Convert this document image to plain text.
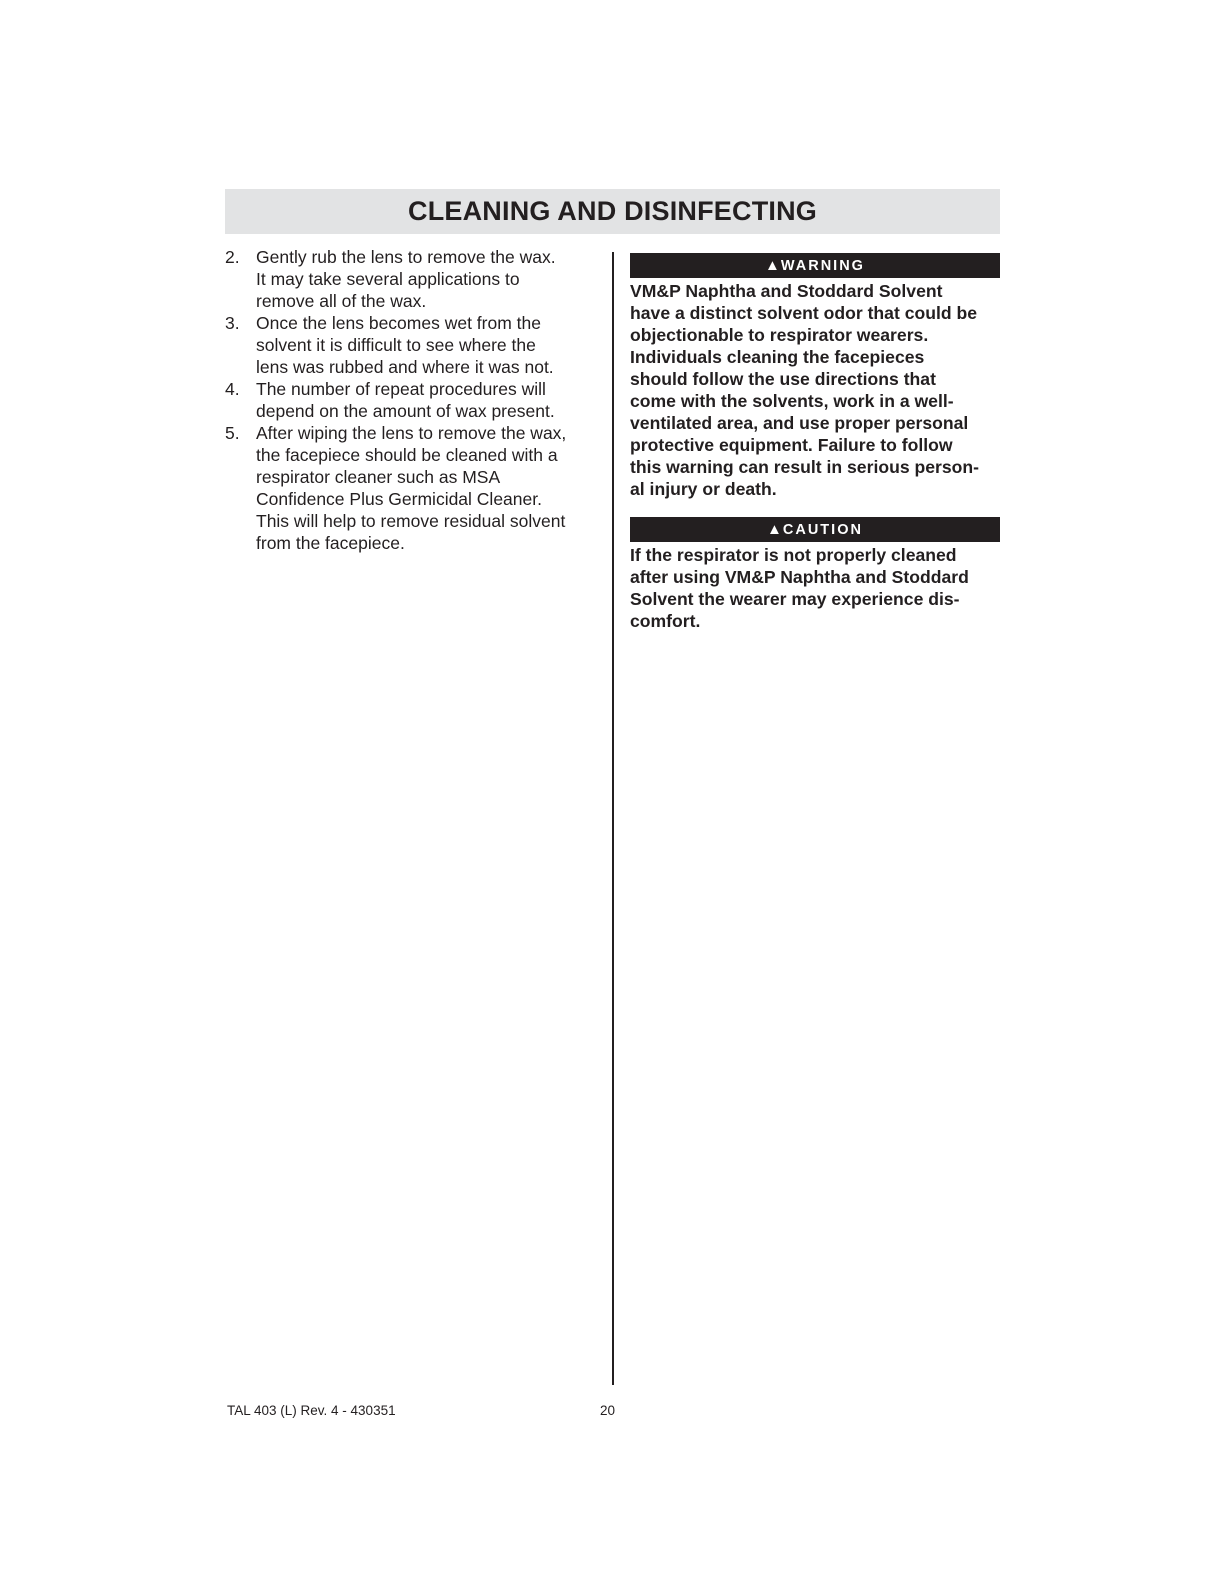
CLEANING AND DISINFECTING
2. Gently rub the lens to remove the wax.
It may take several applications to
remove all of the wax.
3. Once the lens becomes wet from the
solvent it is difficult to see where the
lens was rubbed and where it was not.
4. The number of repeat procedures will
depend on the amount of wax present.
5. After wiping the lens to remove the wax,
the facepiece should be cleaned with a
respirator cleaner such as MSA
Confidence Plus Germicidal Cleaner.
This will help to remove residual solvent
from the facepiece.
▲ WARNING

VM&P Naphtha and Stoddard Solvent
have a distinct solvent odor that could be
objectionable to respirator wearers.
Individuals cleaning the facepieces
should follow the use directions that
come with the solvents, work in a well-
ventilated area, and use proper personal
protective equipment. Failure to follow
this warning can result in serious person-
al injury or death.

▲ CAUTION

If the respirator is not properly cleaned
after using VM&P Naphtha and Stoddard
Solvent the wearer may experience dis-
comfort.

TAL 403 (L) Rev. 4 - 430351	20
